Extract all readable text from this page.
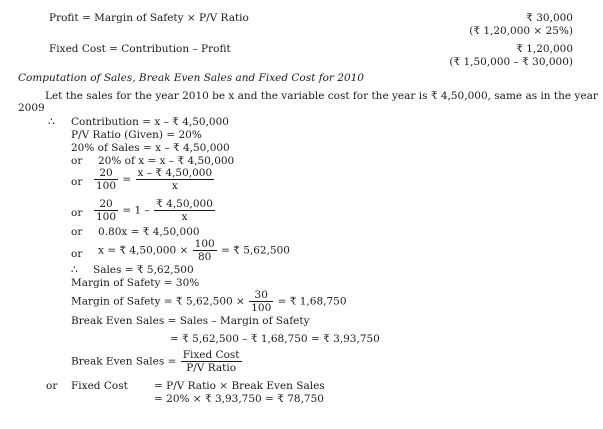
Profit = Margin of Safety × P/V Ratio	₹ 30,000
(₹ 1,20,000 × 25%)
Fixed Cost = Contribution – Profit	₹ 1,20,000
(₹ 1,50,000 – ₹ 30,000)
Computation of Sales, Break Even Sales and Fixed Cost for 2010
Let the sales for the year 2010 be x and the variable cost for the year is ₹ 4,50,000, same as in the year
2009
∴ Contribution = x – ₹ 4,50,000
P/V Ratio (Given) = 20%
20% of Sales = x – ₹ 4,50,000
or 20% of x = x – ₹ 4,50,000
or $\frac{20}{100} = \frac{x - ₹ 4,50,000}{x}$
or $\frac{20}{100} = 1 - \frac{₹ 4,50,000}{x}$
or 0.80x = ₹ 4,50,000
or x = ₹ $4,50,000 \times \frac{100}{80}$ = ₹ 5,62,500
∴ Sales = ₹ 5,62,500
Margin of Safety = 30%
Margin of Safety = ₹ $5,62,500 \times \frac{30}{100}$ = ₹ 1,68,750
Break Even Sales = Sales – Margin of Safety
= ₹ 5,62,500 – ₹ 1,68,750 = ₹ 3,93,750
Break Even Sales = $\frac{\text{Fixed Cost}}{\text{P/V Ratio}}$
or Fixed Cost = P/V Ratio × Break Even Sales
= 20% × ₹ 3,93,750 = ₹ 78,750
